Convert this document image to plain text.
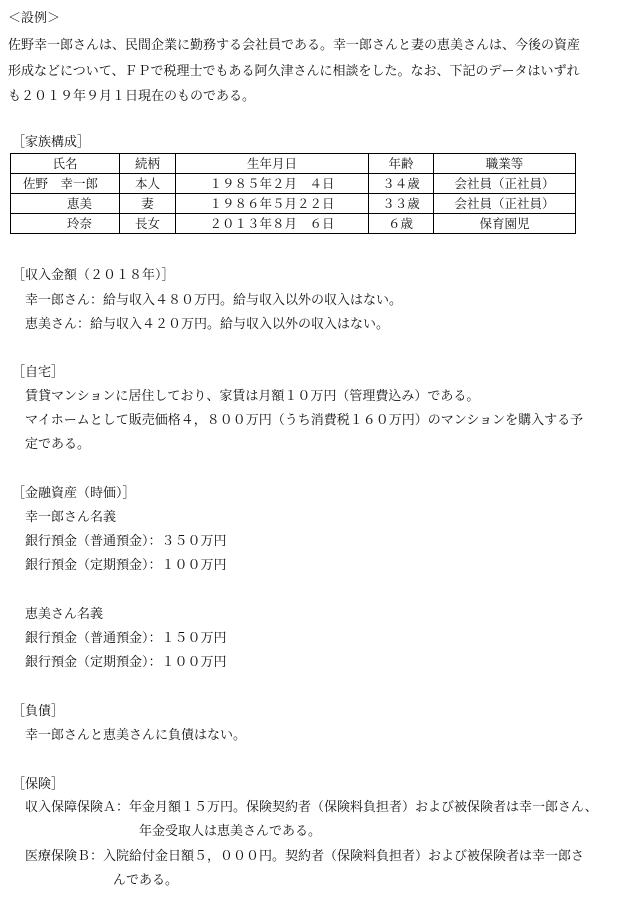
＜設例＞
佐野幸一郎さんは、民間企業に勤務する会社員である。幸一郎さんと妻の恵美さんは、今後の資産
形成などについて、ＦＰで税理士でもある阿久津さんに相談をした。なお、下記のデータはいずれ
も２０１９年９月１日現在のものである。
［家族構成］
氏名	続柄	生年月日	年齢	職業等
佐野　幸一郎	本人	１９８５年２月　４日	３４歳	会社員（正社員）
恵美	妻	１９８６年５月２２日	３３歳	会社員（正社員）
玲奈	長女	２０１３年８月　６日	６歳	保育園児
［収入金額（２０１８年）］
幸一郎さん：給与収入４８０万円。給与収入以外の収入はない。
恵美さん：給与収入４２０万円。給与収入以外の収入はない。
［自宅］
賃貸マンションに居住しており、家賃は月額１０万円（管理費込み）である。
マイホームとして販売価格４，８００万円（うち消費税１６０万円）のマンションを購入する予
定である。
［金融資産（時価）］
幸一郎さん名義
銀行預金（普通預金）：３５０万円
銀行預金（定期預金）：１００万円
恵美さん名義
銀行預金（普通預金）：１５０万円
銀行預金（定期預金）：１００万円
［負債］
幸一郎さんと恵美さんに負債はない。
［保険］
収入保障保険Ａ：年金月額１５万円。保険契約者（保険料負担者）および被保険者は幸一郎さん、
年金受取人は恵美さんである。
医療保険Ｂ：入院給付金日額５，０００円。契約者（保険料負担者）および被保険者は幸一郎さ
んである。
